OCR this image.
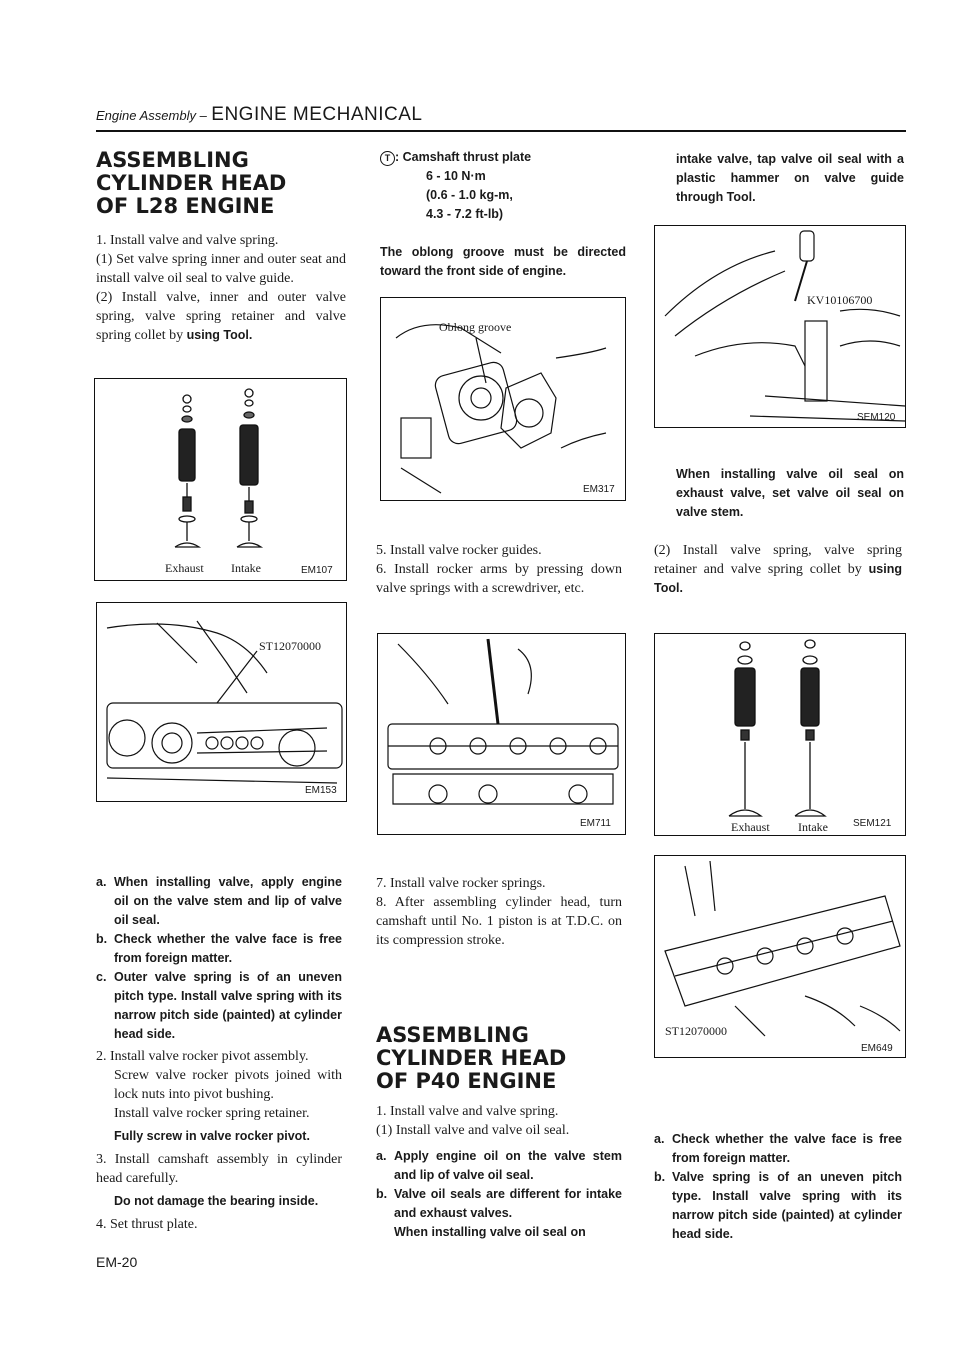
Engine Assembly – ENGINE MECHANICAL
ASSEMBLING
CYLINDER HEAD
OF L28 ENGINE

1. Install valve and valve spring.

(1) Set valve spring inner and outer seat and install valve oil seal to valve guide.

(2) Install valve, inner and outer valve spring, valve spring retainer and valve spring collet by using Tool.

Exhaust Intake	EM107
ST12070000
EM153
a. When installing valve, apply engine oil on the valve stem and lip of valve oil seal.
b. Check whether the valve face is free from foreign matter.
c. Outer valve spring is of an uneven pitch type. Install valve spring with its narrow pitch side (painted) at cylinder head side.

2. Install valve rocker pivot assembly.

Screw valve rocker pivots joined with lock nuts into pivot bushing.

Install valve rocker spring retainer.

Fully screw in valve rocker pivot.

3. Install camshaft assembly in cylinder head carefully.

Do not damage the bearing inside.

4. Set thrust plate.

T : Camshaft thrust plate
6 - 10 N·m
(0.6 - 1.0 kg-m,
4.3 - 7.2 ft-lb)
The oblong groove must be directed toward the front side of engine.
Oblong groove
EM317

5. Install valve rocker guides.

6. Install rocker arms by pressing down valve springs with a screwdriver, etc.

EM711

7. Install valve rocker springs.

8. After assembling cylinder head, turn camshaft until No. 1 piston is at T.D.C. on its compression stroke.

ASSEMBLING
CYLINDER HEAD
OF P40 ENGINE

1. Install valve and valve spring.

(1) Install valve and valve oil seal.

a. Apply engine oil on the valve stem and lip of valve oil seal.
b. Valve oil seals are different for intake and exhaust valves.
When installing valve oil seal on
intake valve, tap valve oil seal with a plastic hammer on valve guide through Tool.
KV10106700
SEM120
When installing valve oil seal on exhaust valve, set valve oil seal on valve stem.

(2) Install valve spring, valve spring retainer and valve spring collet by using Tool.

Exhaust Intake	SEM121
ST12070000
EM649
a. Check whether the valve face is free from foreign matter.
b. Valve spring is of an uneven pitch type. Install valve spring with its narrow pitch side (painted) at cylinder head side.
EM-20
